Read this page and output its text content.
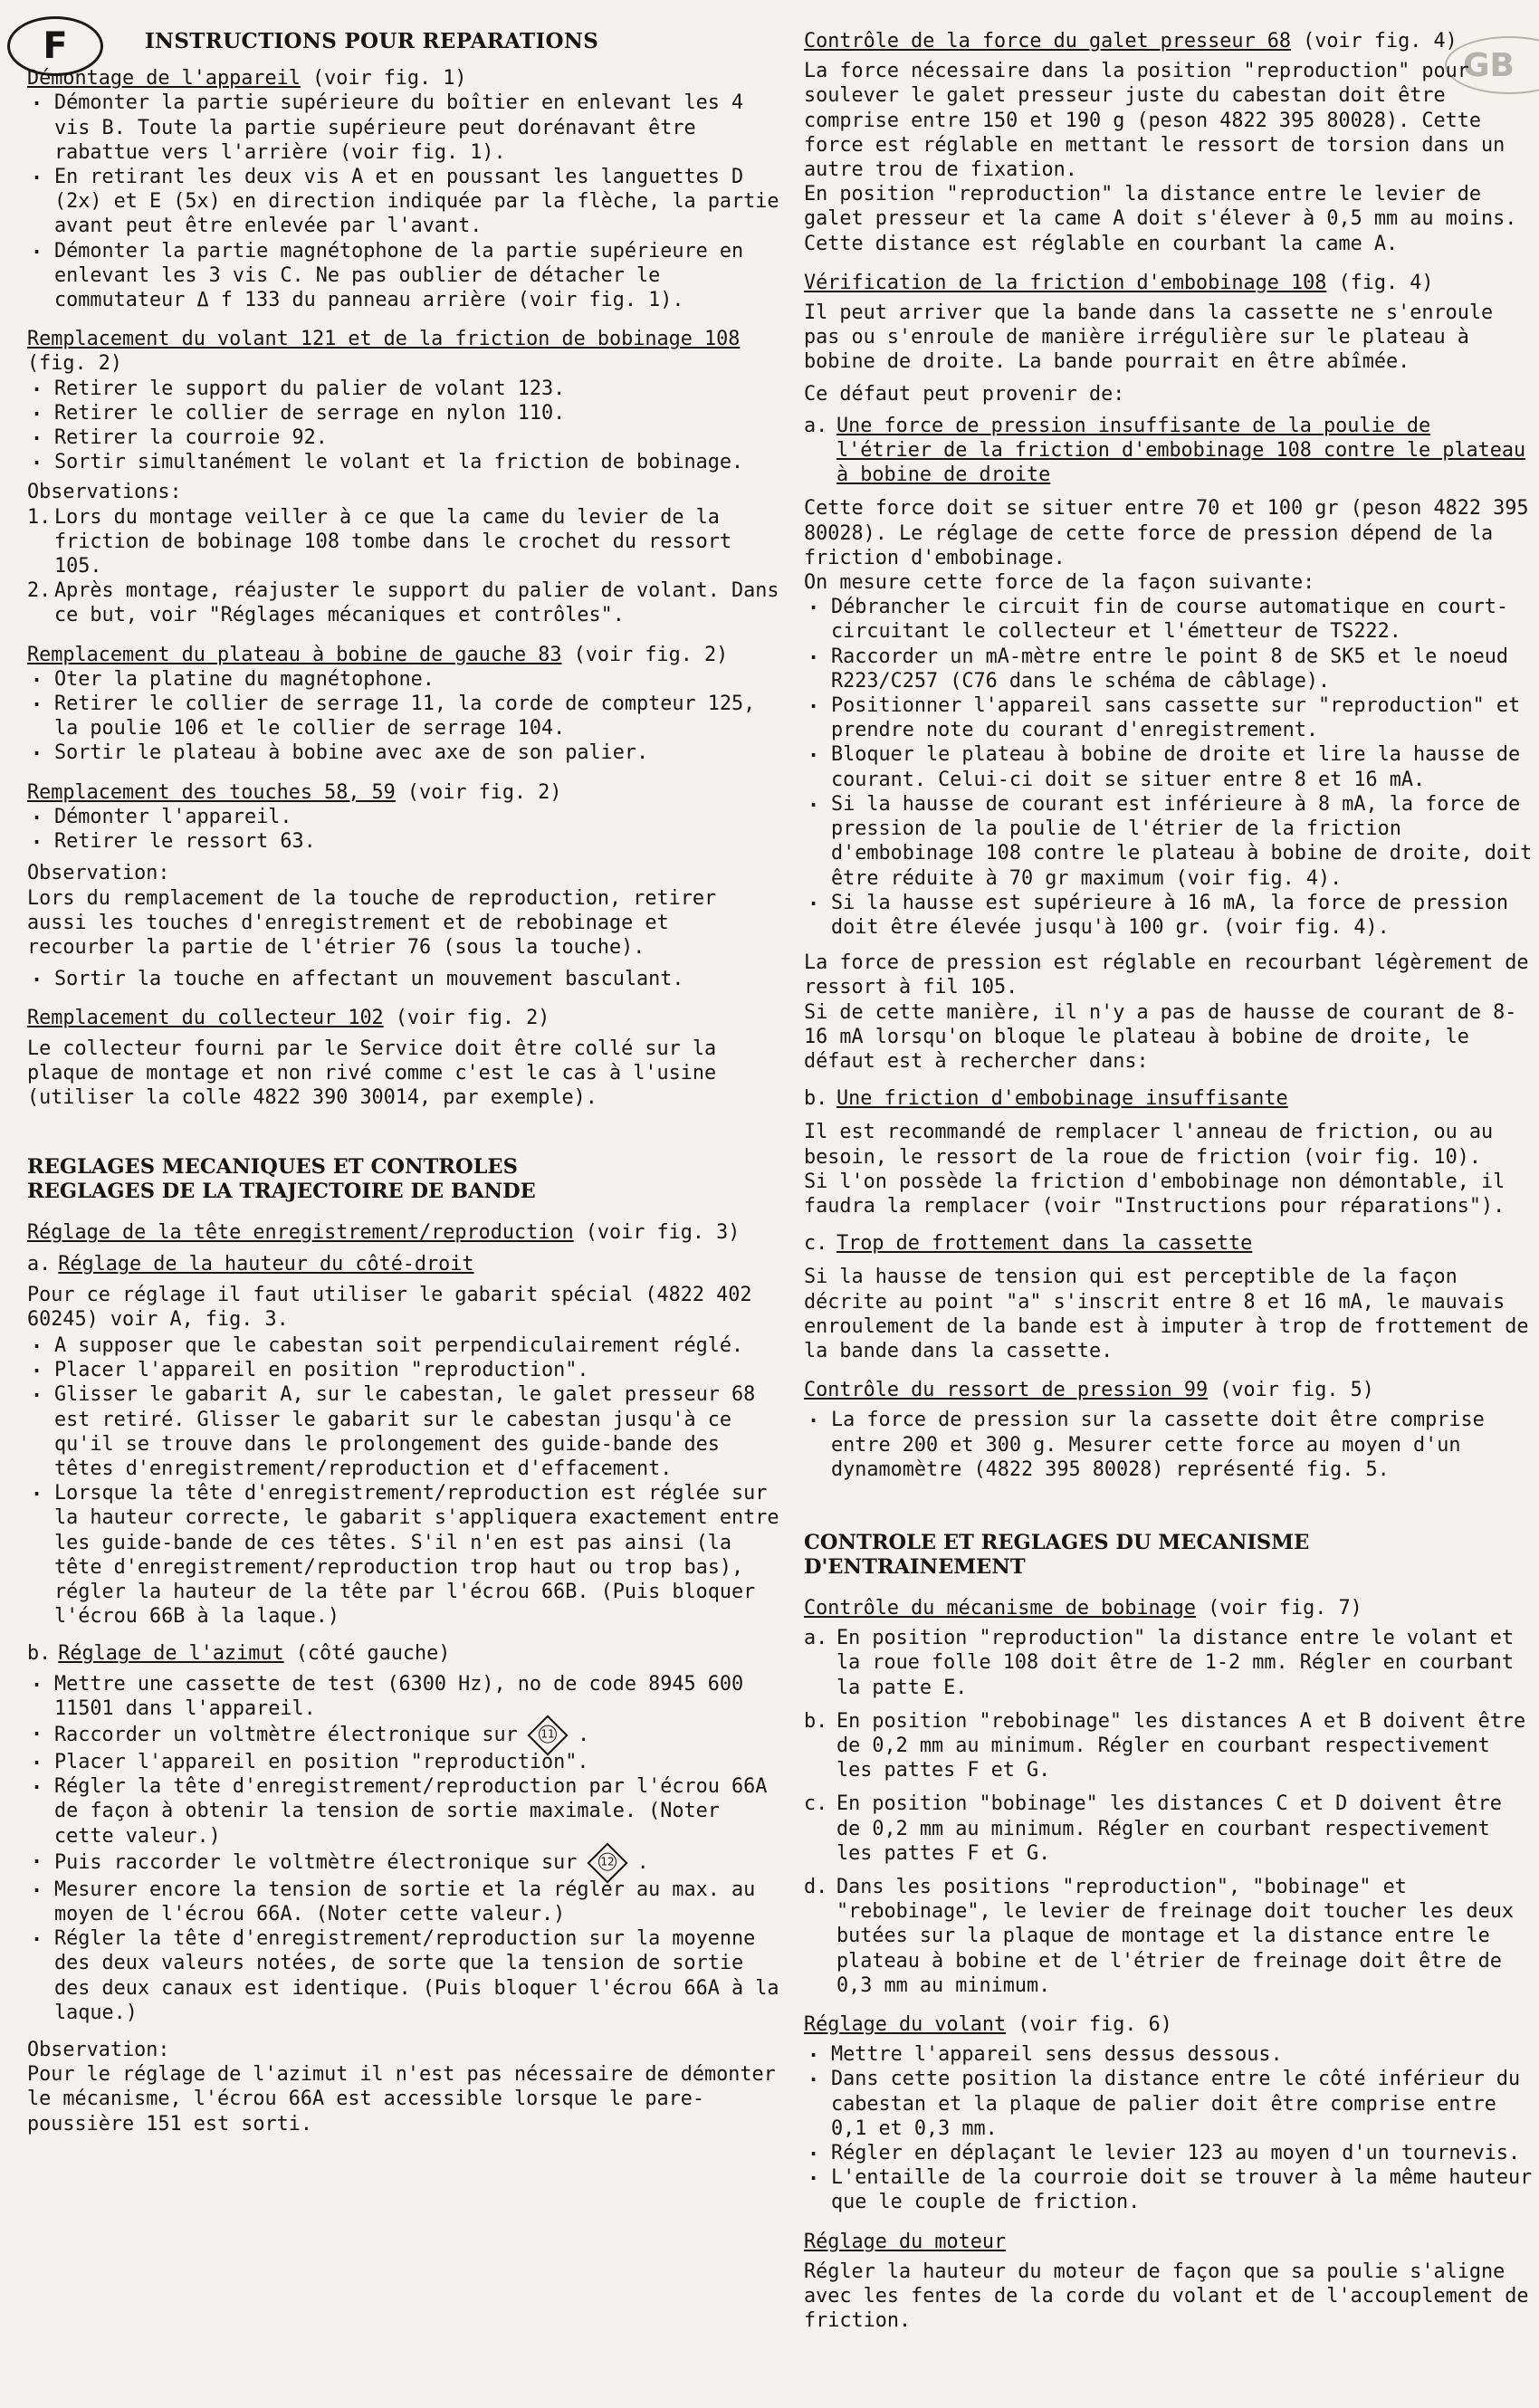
F	GB
INSTRUCTIONS POUR REPARATIONS
Démontage de l'appareil (voir fig. 1)
. Démonter la partie supérieure du boîtier en enlevant les 4 vis B. Toute la partie supérieure peut dorénavant être rabattue vers l'arrière (voir fig. 1).
. En retirant les deux vis A et en poussant les languettes D (2x) et E (5x) en direction indiquée par la flèche, la partie avant peut être enlevée par l'avant.
. Démonter la partie magnétophone de la partie supérieure en enlevant les 3 vis C. Ne pas oublier de détacher le commutateur Δ f 133 du panneau arrière (voir fig. 1).
Remplacement du volant 121 et de la friction de bobinage 108 (fig. 2)
. Retirer le support du palier de volant 123.
. Retirer le collier de serrage en nylon 110.
. Retirer la courroie 92.
. Sortir simultanément le volant et la friction de bobinage.
Observations:
1. Lors du montage veiller à ce que la came du levier de la friction de bobinage 108 tombe dans le crochet du ressort 105.
2. Après montage, réajuster le support du palier de volant. Dans ce but, voir "Réglages mécaniques et contrôles".
Remplacement du plateau à bobine de gauche 83 (voir fig. 2)
. Oter la platine du magnétophone.
. Retirer le collier de serrage 11, la corde de compteur 125, la poulie 106 et le collier de serrage 104.
. Sortir le plateau à bobine avec axe de son palier.
Remplacement des touches 58, 59 (voir fig. 2)
. Démonter l'appareil.
. Retirer le ressort 63.
Observation:

Lors du remplacement de la touche de reproduction, retirer aussi les touches d'enregistrement et de rebobinage et recourber la partie de l'étrier 76 (sous la touche).

. Sortir la touche en affectant un mouvement basculant.
Remplacement du collecteur 102 (voir fig. 2)

Le collecteur fourni par le Service doit être collé sur la plaque de montage et non rivé comme c'est le cas à l'usine (utiliser la colle 4822 390 30014, par exemple).

REGLAGES MECANIQUES ET CONTROLES
REGLAGES DE LA TRAJECTOIRE DE BANDE
Réglage de la tête enregistrement/reproduction (voir fig. 3)
a. Réglage de la hauteur du côté-droit

Pour ce réglage il faut utiliser le gabarit spécial (4822 402 60245) voir A, fig. 3.

. A supposer que le cabestan soit perpendiculairement réglé.
. Placer l'appareil en position "reproduction".
. Glisser le gabarit A, sur le cabestan, le galet presseur 68 est retiré. Glisser le gabarit sur le cabestan jusqu'à ce qu'il se trouve dans le prolongement des guide-bande des têtes d'enregistrement/reproduction et d'effacement.
. Lorsque la tête d'enregistrement/reproduction est réglée sur la hauteur correcte, le gabarit s'appliquera exactement entre les guide-bande de ces têtes. S'il n'en est pas ainsi (la tête d'enregistrement/reproduction trop haut ou trop bas), régler la hauteur de la tête par l'écrou 66B. (Puis bloquer l'écrou 66B à la laque.)
b. Réglage de l'azimut (côté gauche)
. Mettre une cassette de test (6300 Hz), no de code 8945 600 11501 dans l'appareil.
. Raccorder un voltmètre électronique sur 11 .
. Placer l'appareil en position "reproduction".
. Régler la tête d'enregistrement/reproduction par l'écrou 66A de façon à obtenir la tension de sortie maximale. (Noter cette valeur.)
. Puis raccorder le voltmètre électronique sur 12 .
. Mesurer encore la tension de sortie et la régler au max. au moyen de l'écrou 66A. (Noter cette valeur.)
. Régler la tête d'enregistrement/reproduction sur la moyenne des deux valeurs notées, de sorte que la tension de sortie des deux canaux est identique. (Puis bloquer l'écrou 66A à la laque.)
Observation:

Pour le réglage de l'azimut il n'est pas nécessaire de démonter le mécanisme, l'écrou 66A est accessible lorsque le pare-poussière 151 est sorti.

Contrôle de la force du galet presseur 68 (voir fig. 4)

La force nécessaire dans la position "reproduction" pour soulever le galet presseur juste du cabestan doit être comprise entre 150 et 190 g (peson 4822 395 80028). Cette force est réglable en mettant le ressort de torsion dans un autre trou de fixation.

En position "reproduction" la distance entre le levier de galet presseur et la came A doit s'élever à 0,5 mm au moins. Cette distance est réglable en courbant la came A.

Vérification de la friction d'embobinage 108 (fig. 4)

Il peut arriver que la bande dans la cassette ne s'enroule pas ou s'enroule de manière irrégulière sur le plateau à bobine de droite. La bande pourrait en être abîmée.

Ce défaut peut provenir de:

a. Une force de pression insuffisante de la poulie de l'étrier de la friction d'embobinage 108 contre le plateau à bobine de droite

Cette force doit se situer entre 70 et 100 gr (peson 4822 395 80028). Le réglage de cette force de pression dépend de la friction d'embobinage.

On mesure cette force de la façon suivante:

. Débrancher le circuit fin de course automatique en court-circuitant le collecteur et l'émetteur de TS222.
. Raccorder un mA-mètre entre le point 8 de SK5 et le noeud R223/C257 (C76 dans le schéma de câblage).
. Positionner l'appareil sans cassette sur "reproduction" et prendre note du courant d'enregistrement.
. Bloquer le plateau à bobine de droite et lire la hausse de courant. Celui-ci doit se situer entre 8 et 16 mA.
. Si la hausse de courant est inférieure à 8 mA, la force de pression de la poulie de l'étrier de la friction d'embobinage 108 contre le plateau à bobine de droite, doit être réduite à 70 gr maximum (voir fig. 4).
. Si la hausse est supérieure à 16 mA, la force de pression doit être élevée jusqu'à 100 gr. (voir fig. 4).

La force de pression est réglable en recourbant légèrement de ressort à fil 105.

Si de cette manière, il n'y a pas de hausse de courant de 8-16 mA lorsqu'on bloque le plateau à bobine de droite, le défaut est à rechercher dans:

b. Une friction d'embobinage insuffisante

Il est recommandé de remplacer l'anneau de friction, ou au besoin, le ressort de la roue de friction (voir fig. 10).

Si l'on possède la friction d'embobinage non démontable, il faudra la remplacer (voir "Instructions pour réparations").

c. Trop de frottement dans la cassette

Si la hausse de tension qui est perceptible de la façon décrite au point "a" s'inscrit entre 8 et 16 mA, le mauvais enroulement de la bande est à imputer à trop de frottement de la bande dans la cassette.

Contrôle du ressort de pression 99 (voir fig. 5)
. La force de pression sur la cassette doit être comprise entre 200 et 300 g. Mesurer cette force au moyen d'un dynamomètre (4822 395 80028) représenté fig. 5.
CONTROLE ET REGLAGES DU MECANISME D'ENTRAINEMENT
Contrôle du mécanisme de bobinage (voir fig. 7)
a. En position "reproduction" la distance entre le volant et la roue folle 108 doit être de 1-2 mm. Régler en courbant la patte E.
b. En position "rebobinage" les distances A et B doivent être de 0,2 mm au minimum. Régler en courbant respectivement les pattes F et G.
c. En position "bobinage" les distances C et D doivent être de 0,2 mm au minimum. Régler en courbant respectivement les pattes F et G.
d. Dans les positions "reproduction", "bobinage" et "rebobinage", le levier de freinage doit toucher les deux butées sur la plaque de montage et la distance entre le plateau à bobine et de l'étrier de freinage doit être de 0,3 mm au minimum.
Réglage du volant (voir fig. 6)
. Mettre l'appareil sens dessus dessous.
. Dans cette position la distance entre le côté inférieur du cabestan et la plaque de palier doit être comprise entre 0,1 et 0,3 mm.
. Régler en déplaçant le levier 123 au moyen d'un tournevis.
. L'entaille de la courroie doit se trouver à la même hauteur que le couple de friction.
Réglage du moteur

Régler la hauteur du moteur de façon que sa poulie s'aligne avec les fentes de la corde du volant et de l'accouplement de friction.
